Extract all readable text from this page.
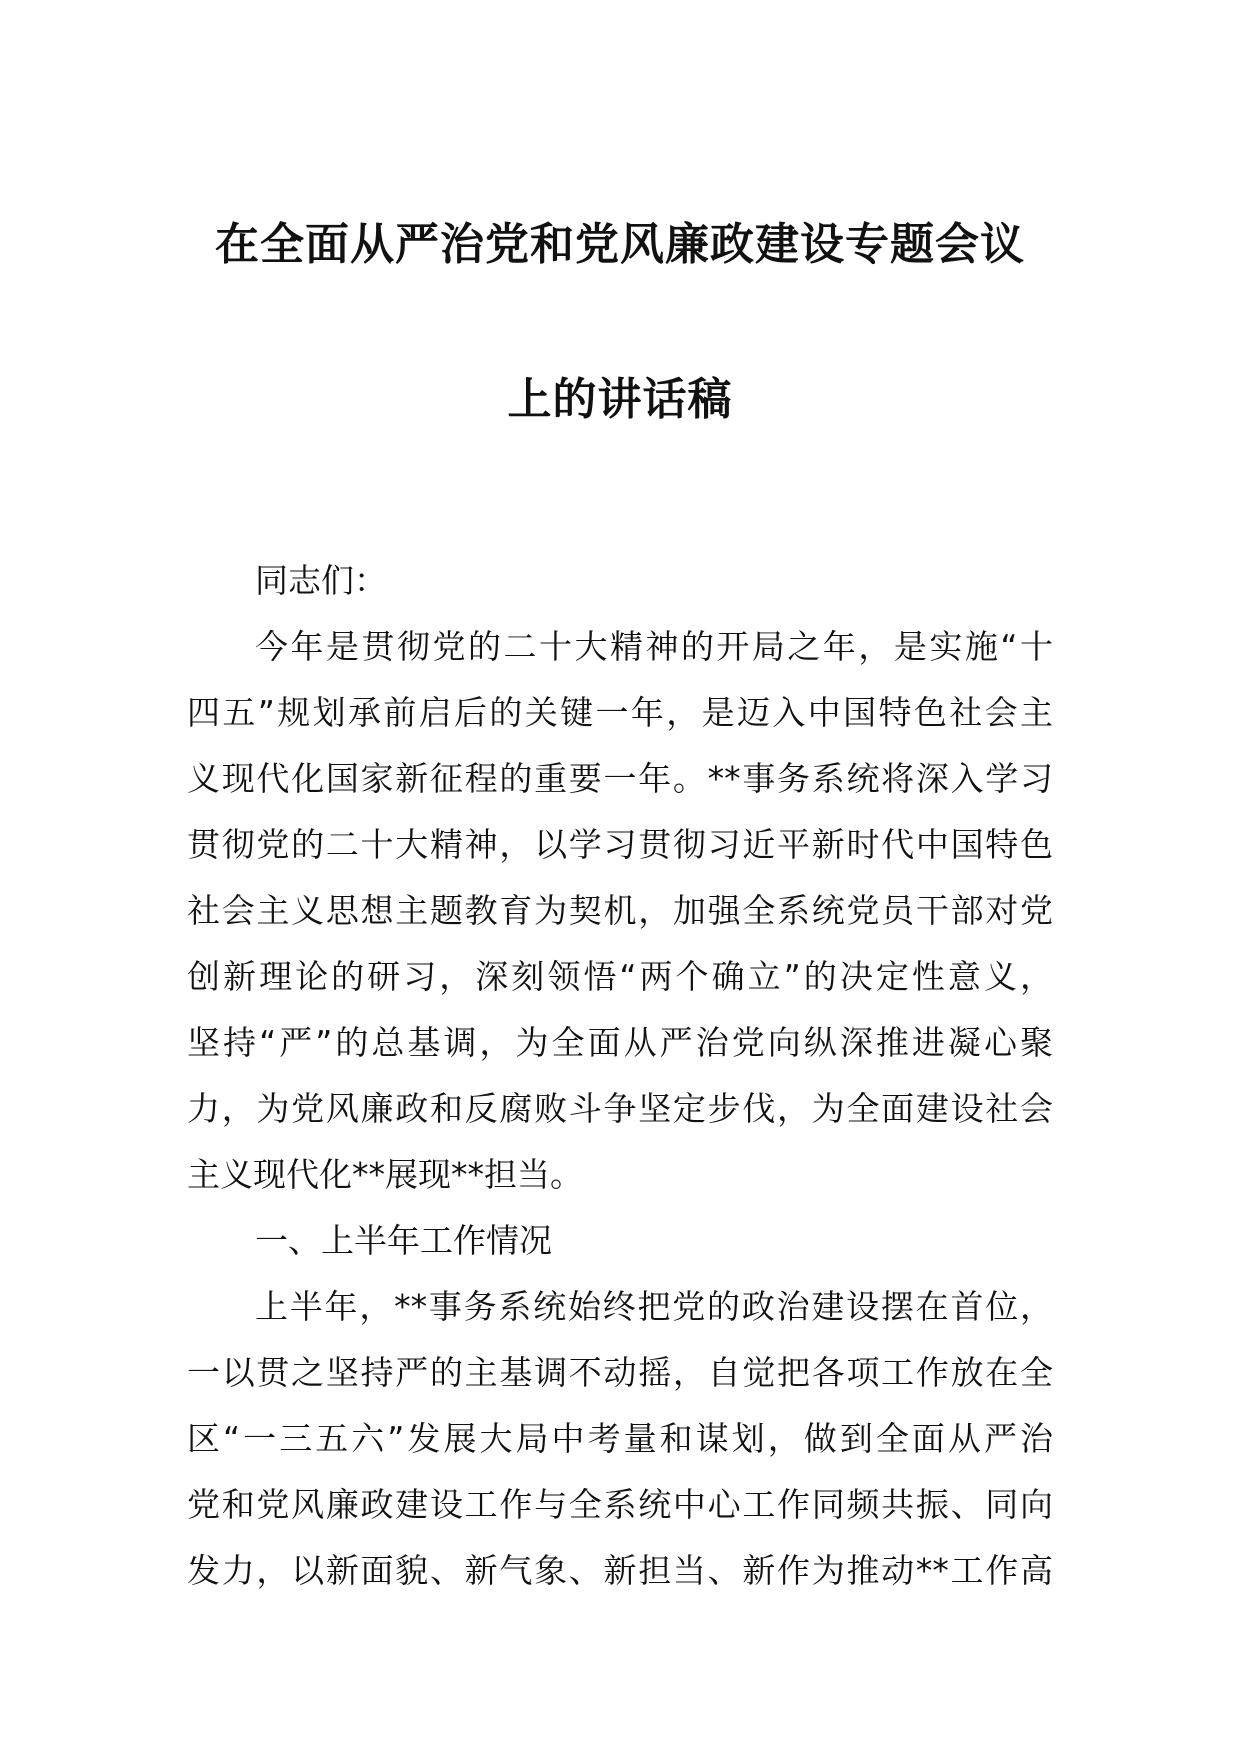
在全面从严治党和党风廉政建设专题会议
上的讲话稿
同志们：
今年是贯彻党的二十大精神的开局之年，是实施“十
四五”规划承前启后的关键一年，是迈入中国特色社会主
义现代化国家新征程的重要一年。**事务系统将深入学习
贯彻党的二十大精神，以学习贯彻习近平新时代中国特色
社会主义思想主题教育为契机，加强全系统党员干部对党
创新理论的研习，深刻领悟“两个确立”的决定性意义，
坚持“严”的总基调，为全面从严治党向纵深推进凝心聚
力，为党风廉政和反腐败斗争坚定步伐，为全面建设社会
主义现代化**展现**担当。
一、上半年工作情况
上半年，**事务系统始终把党的政治建设摆在首位，
一以贯之坚持严的主基调不动摇，自觉把各项工作放在全
区“一三五六”发展大局中考量和谋划，做到全面从严治
党和党风廉政建设工作与全系统中心工作同频共振、同向
发力，以新面貌、新气象、新担当、新作为推动**工作高
